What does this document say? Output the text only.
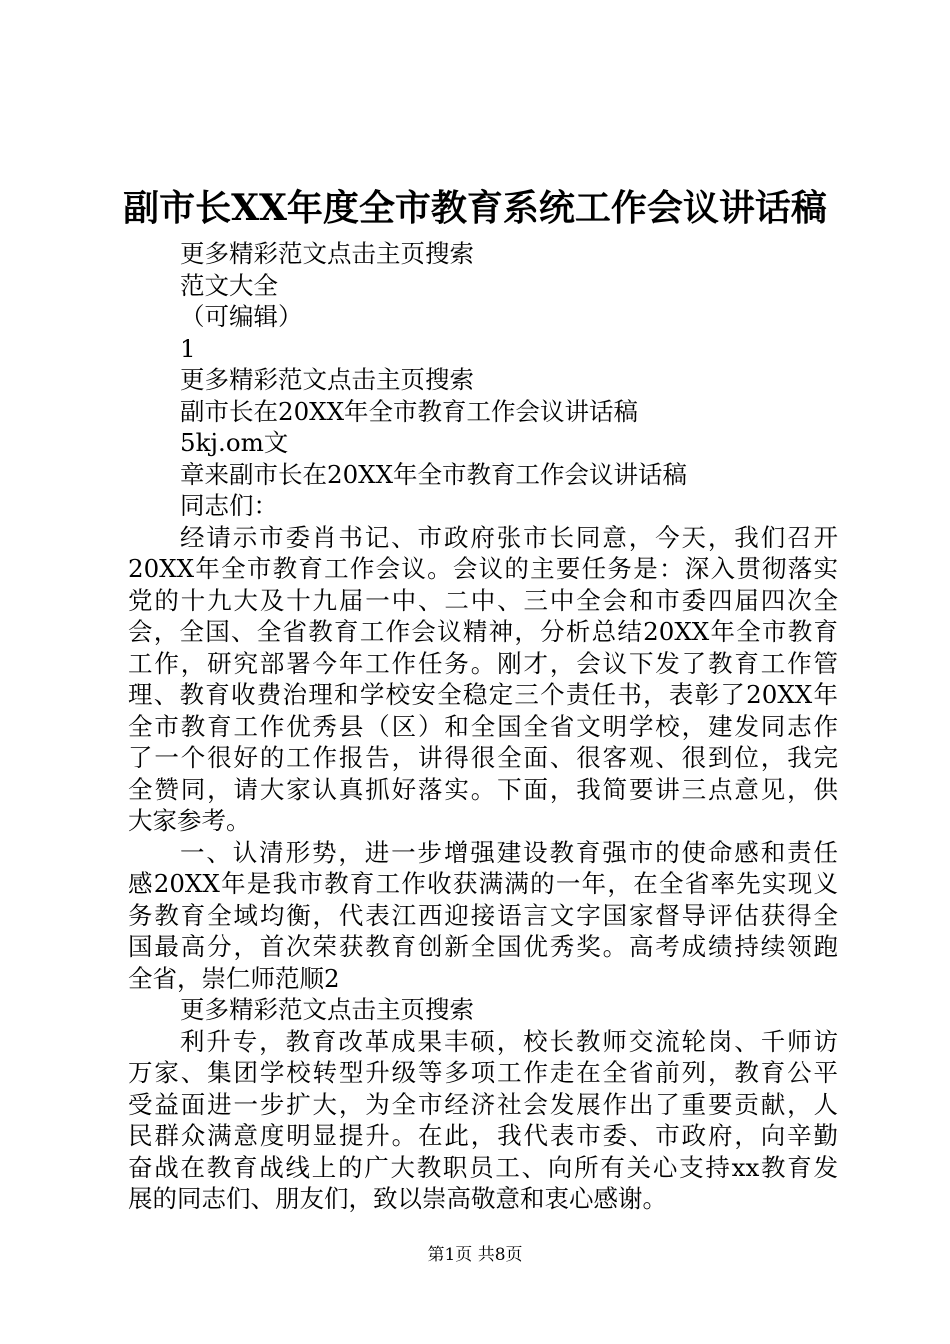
副市长XX年度全市教育系统工作会议讲话稿
更多精彩范文点击主页搜索
范文大全
（可编辑）
1
更多精彩范文点击主页搜索
副市长在20XX年全市教育工作会议讲话稿
5kj.om文
章来副市长在20XX年全市教育工作会议讲话稿
同志们：
经请示市委肖书记、市政府张市长同意，今天，我们召开
20XX年全市教育工作会议。会议的主要任务是：深入贯彻落实
党的十九大及十九届一中、二中、三中全会和市委四届四次全
会，全国、全省教育工作会议精神，分析总结20XX年全市教育
工作，研究部署今年工作任务。刚才，会议下发了教育工作管
理、教育收费治理和学校安全稳定三个责任书，表彰了20XX年
全市教育工作优秀县（区）和全国全省文明学校，建发同志作
了一个很好的工作报告，讲得很全面、很客观、很到位，我完
全赞同，请大家认真抓好落实。下面，我简要讲三点意见，供
大家参考。
一、认清形势，进一步增强建设教育强市的使命感和责任
感20XX年是我市教育工作收获满满的一年，在全省率先实现义
务教育全域均衡，代表江西迎接语言文字国家督导评估获得全
国最高分，首次荣获教育创新全国优秀奖。高考成绩持续领跑
全省，崇仁师范顺2
更多精彩范文点击主页搜索
利升专，教育改革成果丰硕，校长教师交流轮岗、千师访
万家、集团学校转型升级等多项工作走在全省前列，教育公平
受益面进一步扩大，为全市经济社会发展作出了重要贡献，人
民群众满意度明显提升。在此，我代表市委、市政府，向辛勤
奋战在教育战线上的广大教职员工、向所有关心支持xx教育发
展的同志们、朋友们，致以崇高敬意和衷心感谢。
第1页 共8页
